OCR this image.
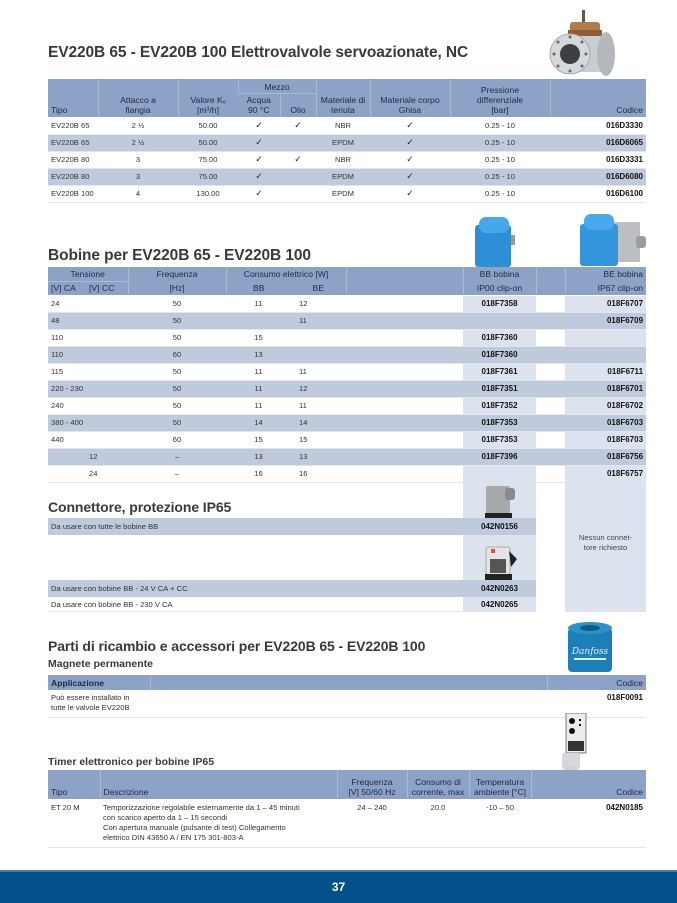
EV220B 65 - EV220B 100 Elettrovalvole servoazionate, NC
Tipo	Attacco a
flangia	Valore Kᵥ
[m³/h]	Mezzo		Materiale di
tenuta	Materiale corpo
Ghisa	Pressione
differenziale
[bar]	Codice
			Acqua
90 °C	Olio				
EV220B 65	2 ½	50.00	✓	✓	NBR	✓	0.25 - 10	016D3330
EV220B 65	2 ½	50.00	✓		EPDM	✓	0.25 - 10	016D6065
EV220B 80	3	75.00	✓	✓	NBR	✓	0.25 - 10	016D3331
EV220B 80	3	75.00	✓		EPDM	✓	0.25 - 10	016D6080
EV220B 100	4	130.00	✓		EPDM	✓	0.25 - 10	016D6100
Bobine per EV220B 65 - EV220B 100
Tensione		Frequenza	Consumo elettrico [W]			BB bobina		BE bobina
[V] CA	[V] CC	[Hz]	BB	BE		IP00 clip-on		IP67 clip-on
24		50	11	12		018F7358		018F6707
48		50		11				018F6709
110		50	15			018F7360		
110		60	13			018F7360		
115		50	11	11		018F7361		018F6711
220 - 230		50	11	12		018F7351		018F6701
240		50	11	11		018F7352		018F6702
380 - 400		50	14	14		018F7353		018F6703
440		60	15	15		018F7353		018F6703
	12	–	13	13		018F7396		018F6756
	24	–	16	16				018F6757
Connettore, protezione IP65
Da usare con tutte le bobine BB	042N0156
Da usare con bobine BB - 24 V CA + CC	042N0263
Da usare con bobine BB - 230 V CA	042N0265
Nessun connet-
tore richiesto
Parti di ricambio e accessori per EV220B 65 - EV220B 100
Magnete permanente
Danfoss
Applicazione		Codice
Può essere installato in
tutte le valvole EV220B		018F0091
Timer elettronico per bobine IP65
Tipo	Descrizione	Frequenza
[V] 50/60 Hz	Consumo di
corrente, max	Temperatura
ambiente [°C]	Codice
ET 20 M	Temporizzazione regolabile esternamente da 1 – 45 minuti
con scarico aperto da 1 – 15 secondi
Con apertura manuale (pulsante di test) Collegamento
elettrico DIN 43650 A / EN 175 301-803-A	24 – 240	20.0	-10 – 50	042N0185
37
